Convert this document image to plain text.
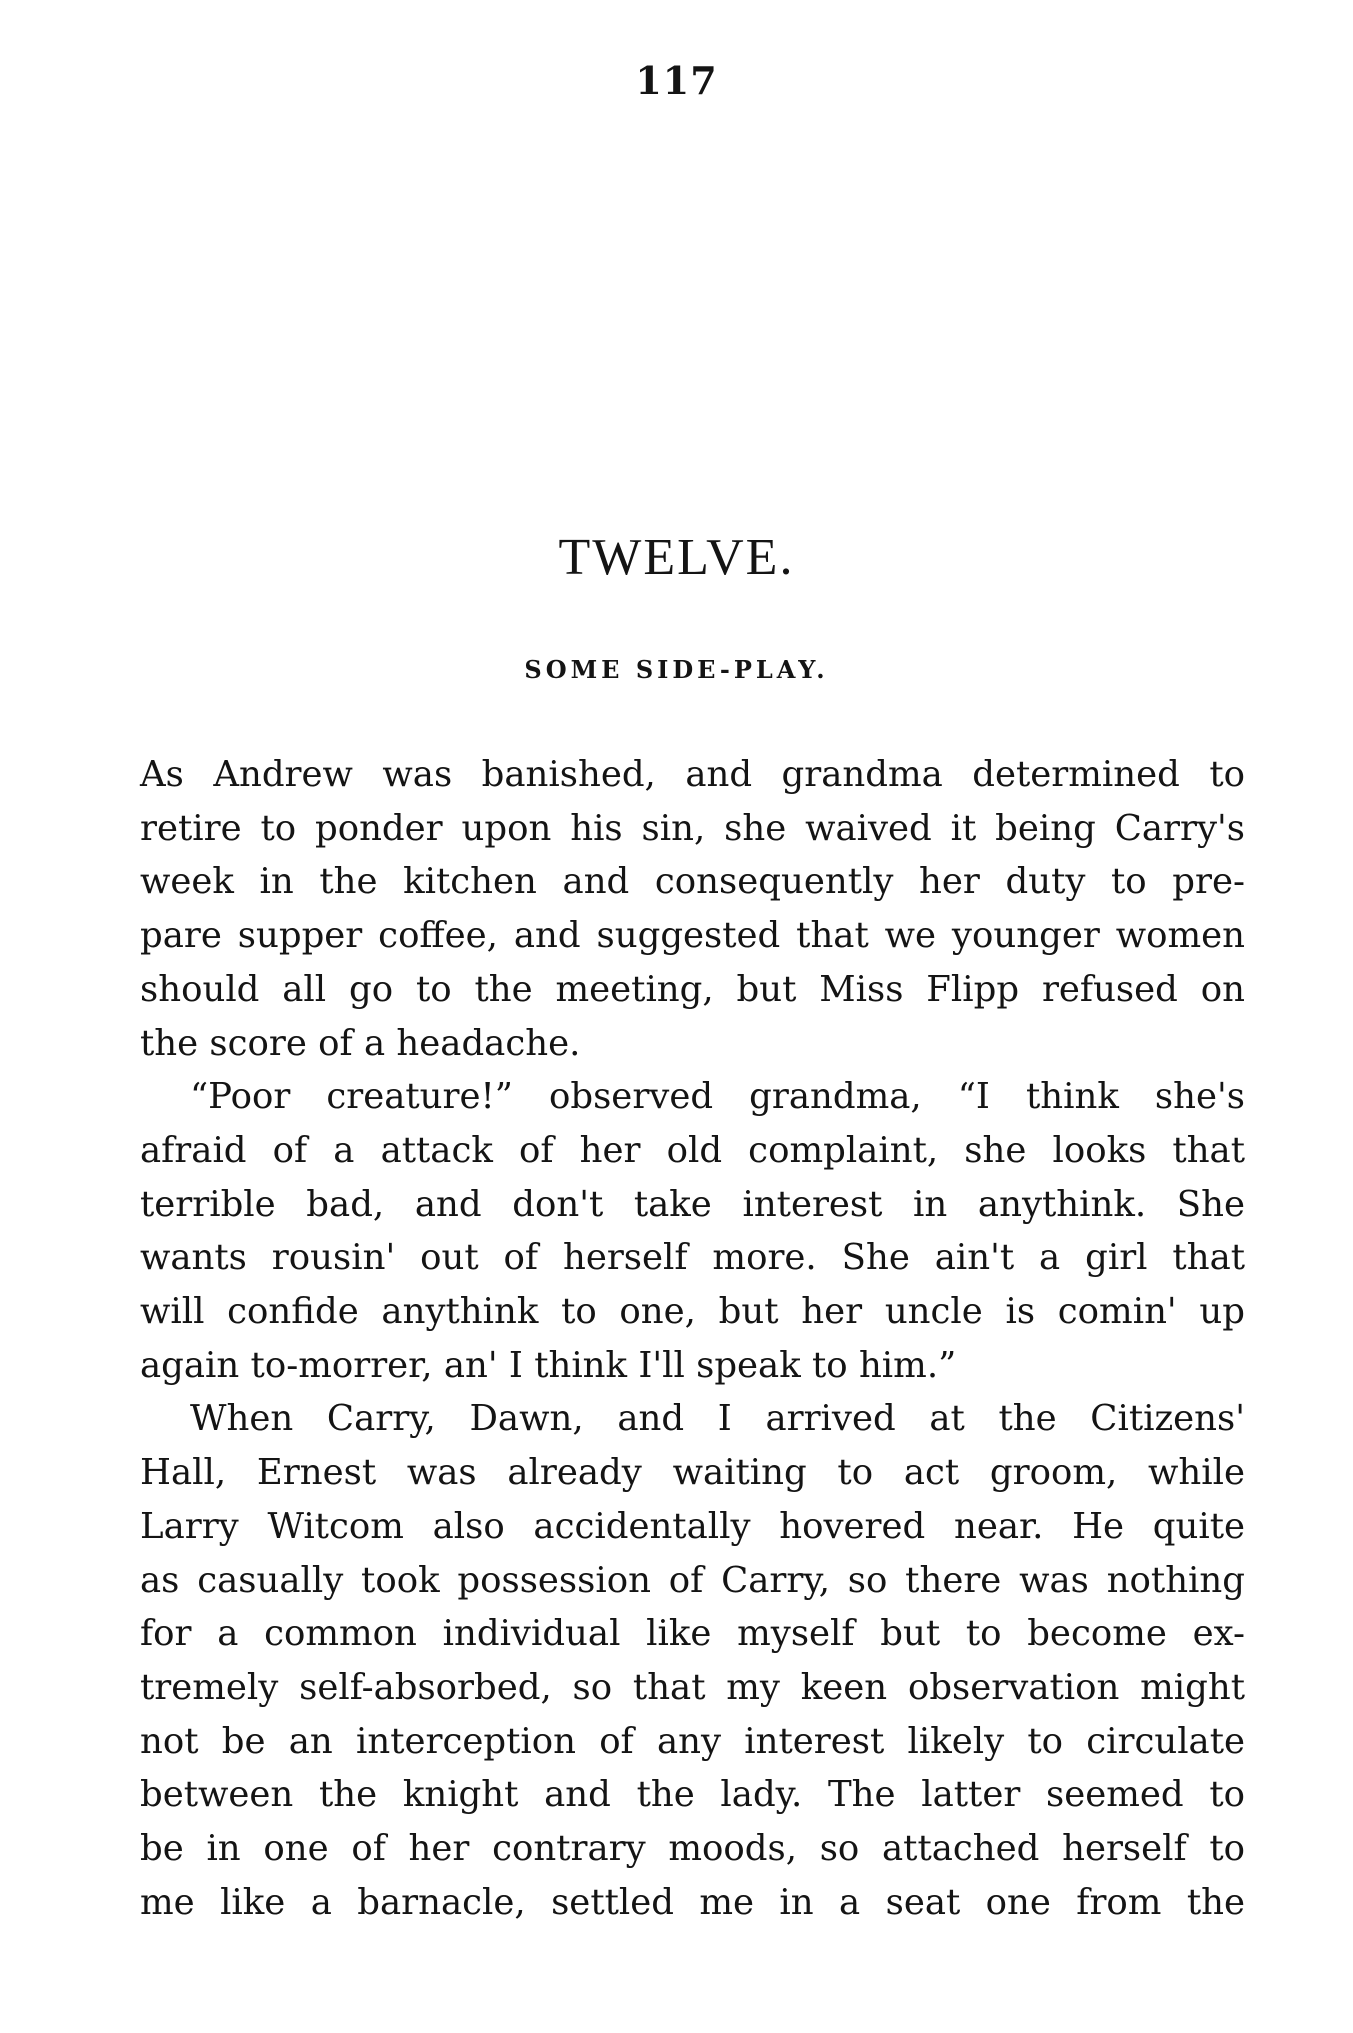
117
TWELVE.
SOME SIDE-PLAY.

As Andrew was banished, and grandma determined to
retire to ponder upon his sin, she waived it being Carry's
week in the kitchen and consequently her duty to pre-
pare supper coffee, and suggested that we younger women
should all go to the meeting, but Miss Flipp refused on
the score of a headache.

“Poor creature!” observed grandma, “I think she's
afraid of a attack of her old complaint, she looks that
terrible bad, and don't take interest in anythink. She
wants rousin' out of herself more. She ain't a girl that
will confide anythink to one, but her uncle is comin' up
again to-morrer, an' I think I'll speak to him.”

When Carry, Dawn, and I arrived at the Citizens'
Hall, Ernest was already waiting to act groom, while
Larry Witcom also accidentally hovered near. He quite
as casually took possession of Carry, so there was nothing
for a common individual like myself but to become ex-
tremely self-absorbed, so that my keen observation might
not be an interception of any interest likely to circulate
between the knight and the lady. The latter seemed to
be in one of her contrary moods, so attached herself to
me like a barnacle, settled me in a seat one from the
